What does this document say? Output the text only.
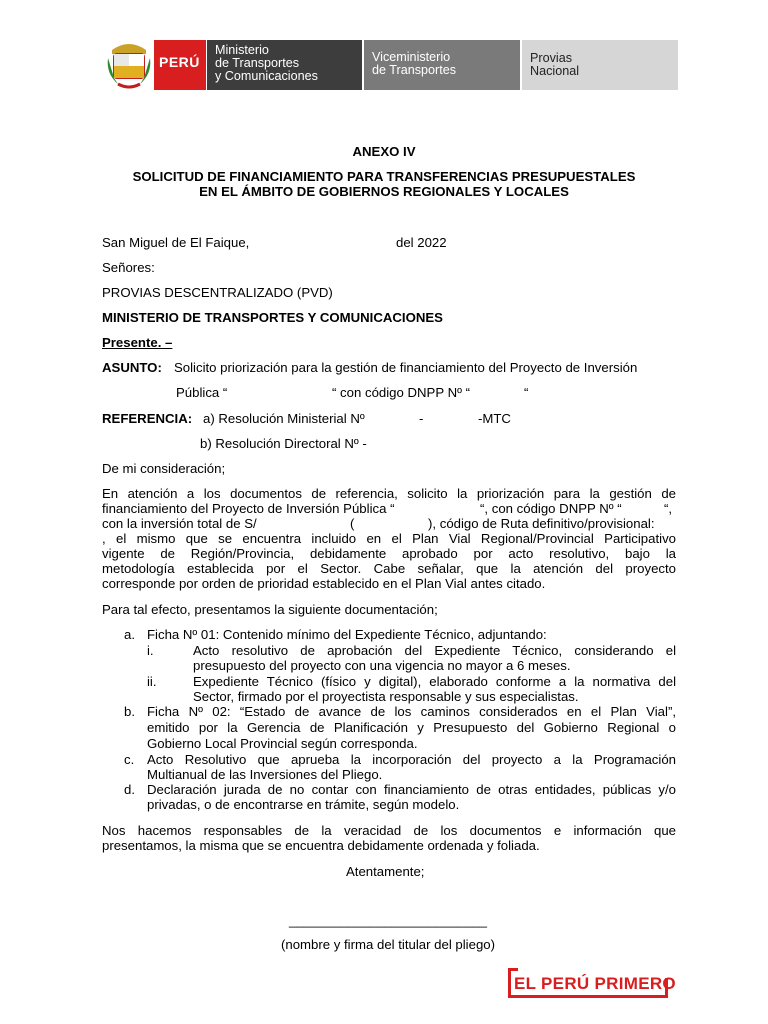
PERÚ
Ministerio
de Transportes
y Comunicaciones
Viceministerio
de Transportes
Provias
Nacional
ANEXO IV
SOLICITUD DE FINANCIAMIENTO PARA TRANSFERENCIAS PRESUPUESTALES
EN EL ÁMBITO DE GOBIERNOS REGIONALES Y LOCALES
San Miguel de El Faique,	del 2022
Señores:
PROVIAS DESCENTRALIZADO (PVD)
MINISTERIO DE TRANSPORTES Y COMUNICACIONES
Presente. –
ASUNTO: Solicito priorización para la gestión de financiamiento del Proyecto de Inversión
Pública “	“ con código DNPP Nº “	“
REFERENCIA: a) Resolución Ministerial Nº	-	-MTC
b) Resolución Directoral Nº -
De mi consideración;
En atención a los documentos de referencia, solicito la priorización para la gestión de
financiamiento del Proyecto de Inversión Pública “	“, con código DNPP Nº “	“,
con la inversión total de S/	(	), código de Ruta definitivo/provisional:
, el mismo que se encuentra incluido en el Plan Vial Regional/Provincial Participativo
vigente de Región/Provincia, debidamente aprobado por acto resolutivo, bajo la
metodología establecida por el Sector. Cabe señalar, que la atención del proyecto
corresponde por orden de prioridad establecido en el Plan Vial antes citado.
Para tal efecto, presentamos la siguiente documentación;
a. Ficha Nº 01: Contenido mínimo del Expediente Técnico, adjuntando:
i.	Acto resolutivo de aprobación del Expediente Técnico, considerando el
presupuesto del proyecto con una vigencia no mayor a 6 meses.
ii.	Expediente Técnico (físico y digital), elaborado conforme a la normativa del
Sector, firmado por el proyectista responsable y sus especialistas.
b. Ficha Nº 02: “Estado de avance de los caminos considerados en el Plan Vial”,
emitido por la Gerencia de Planificación y Presupuesto del Gobierno Regional o
Gobierno Local Provincial según corresponda.
c. Acto Resolutivo que aprueba la incorporación del proyecto a la Programación
Multianual de las Inversiones del Pliego.
d. Declaración jurada de no contar con financiamiento de otras entidades, públicas y/o
privadas, o de encontrarse en trámite, según modelo.
Nos hacemos responsables de la veracidad de los documentos e información que
presentamos, la misma que se encuentra debidamente ordenada y foliada.
Atentamente;
___________________________
(nombre y firma del titular del pliego)
EL PERÚ PRIMERO
